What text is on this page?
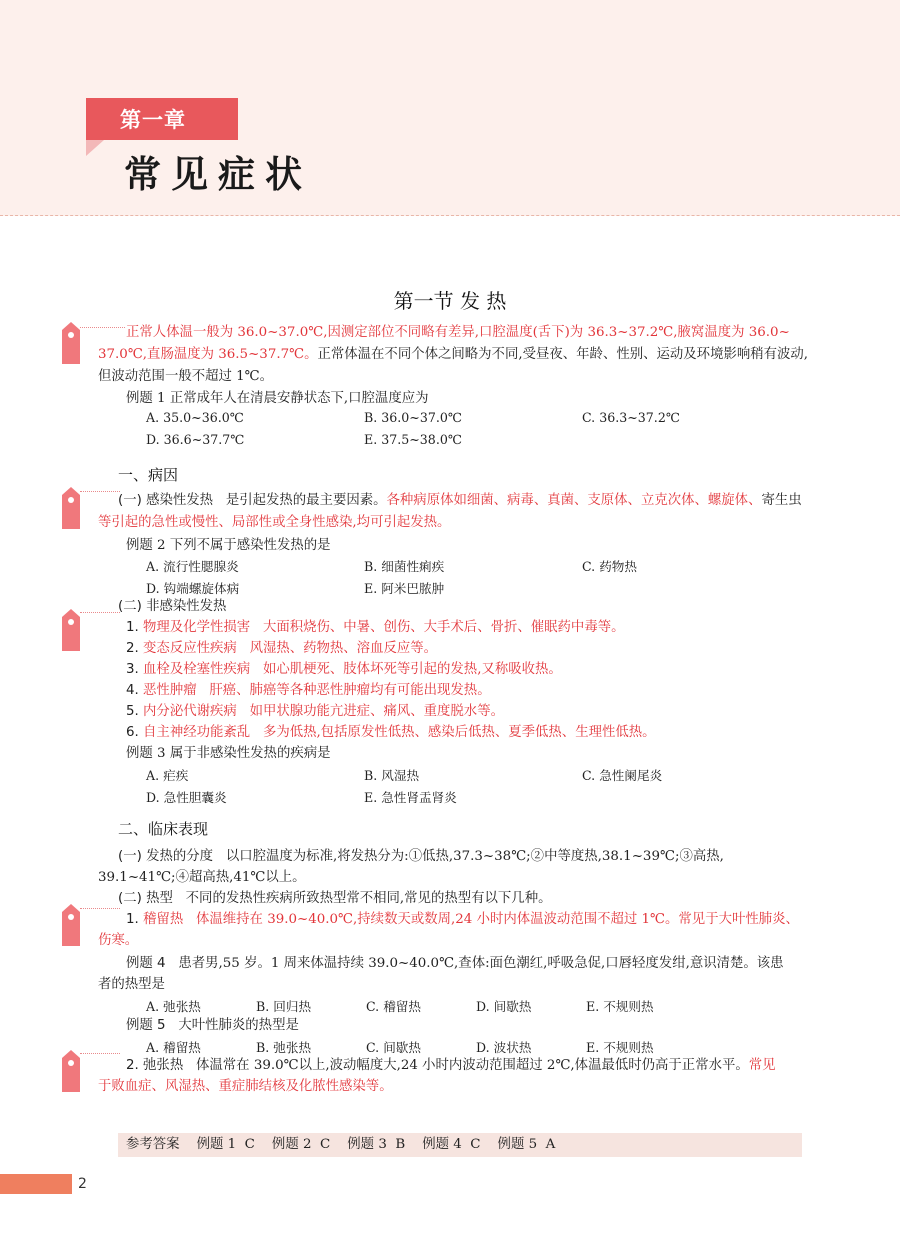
第一章
常见症状
第一节 发 热
正常人体温一般为 36.0~37.0℃,因测定部位不同略有差异,口腔温度(舌下)为 36.3~37.2℃,腋窝温度为 36.0~
37.0℃,直肠温度为 36.5~37.7℃。正常体温在不同个体之间略为不同,受昼夜、年龄、性别、运动及环境影响稍有波动,
但波动范围一般不超过 1℃。
例题 1 正常成年人在清晨安静状态下,口腔温度应为
A. 35.0~36.0℃	B. 36.0~37.0℃	C. 36.3~37.2℃
D. 36.6~37.7℃	E. 37.5~38.0℃
一、病因
(一) 感染性发热 是引起发热的最主要因素。各种病原体如细菌、病毒、真菌、支原体、立克次体、螺旋体、寄生虫
等引起的急性或慢性、局部性或全身性感染,均可引起发热。
例题 2 下列不属于感染性发热的是
A. 流行性腮腺炎	B. 细菌性痢疾	C. 药物热
D. 钩端螺旋体病	E. 阿米巴脓肿
(二) 非感染性发热
1. 物理及化学性损害 大面积烧伤、中暑、创伤、大手术后、骨折、催眠药中毒等。
2. 变态反应性疾病 风湿热、药物热、溶血反应等。
3. 血栓及栓塞性疾病 如心肌梗死、肢体坏死等引起的发热,又称吸收热。
4. 恶性肿瘤 肝癌、肺癌等各种恶性肿瘤均有可能出现发热。
5. 内分泌代谢疾病 如甲状腺功能亢进症、痛风、重度脱水等。
6. 自主神经功能紊乱 多为低热,包括原发性低热、感染后低热、夏季低热、生理性低热。
例题 3 属于非感染性发热的疾病是
A. 疟疾	B. 风湿热	C. 急性阑尾炎
D. 急性胆囊炎	E. 急性肾盂肾炎
二、临床表现
(一) 发热的分度 以口腔温度为标准,将发热分为:①低热,37.3~38℃;②中等度热,38.1~39℃;③高热,
39.1~41℃;④超高热,41℃以上。
(二) 热型 不同的发热性疾病所致热型常不相同,常见的热型有以下几种。
1. 稽留热 体温维持在 39.0~40.0℃,持续数天或数周,24 小时内体温波动范围不超过 1℃。常见于大叶性肺炎、
伤寒。
例题 4 患者男,55 岁。1 周来体温持续 39.0~40.0℃,查体:面色潮红,呼吸急促,口唇轻度发绀,意识清楚。该患
者的热型是
A. 弛张热	B. 回归热	C. 稽留热	D. 间歇热	E. 不规则热
例题 5 大叶性肺炎的热型是
A. 稽留热	B. 弛张热	C. 间歇热	D. 波状热	E. 不规则热
2. 弛张热 体温常在 39.0℃以上,波动幅度大,24 小时内波动范围超过 2℃,体温最低时仍高于正常水平。常见
于败血症、风湿热、重症肺结核及化脓性感染等。
参考答案 例题 1  C    例题 2  C    例题 3  B    例题 4  C    例题 5  A
2
